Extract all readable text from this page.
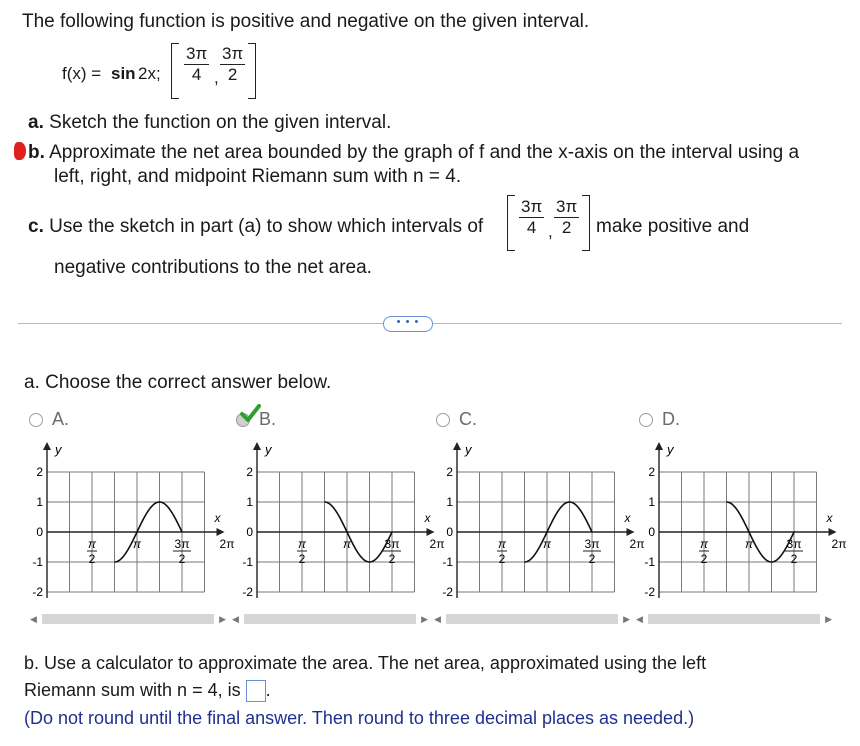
The following function is positive and negative on the given interval.
f(x) = sin 2x; $\frac{3\pi}{4}$ , $\frac{3\pi}{2}$
a. Sketch the function on the given interval.
b. Approximate the net area bounded by the graph of f and the x-axis on the interval using a
left, right, and midpoint Riemann sum with n = 4.
c. Use the sketch in part (a) to show which intervals of $\frac{3\pi}{4}$ , $\frac{3\pi}{2}$ make positive and
negative contributions to the net area.
• • •
a. Choose the correct answer below.
A.	B.	C.	D.
y
x
2
1
0
-1
-2
π
2
π	3π
2
2π
y
x
2
1
0
-1
-2
π
2
π	3π
2
2π
y
x
2
1
0
-1
-2
π
2
π	3π
2
2π
y
x
2
1
0
-1
-2
π
2
π	3π
2
2π
◀	▶ ◀	▶ ◀	▶ ◀	▶
b. Use a calculator to approximate the area. The net area, approximated using the left
Riemann sum with n = 4, is .
(Do not round until the final answer. Then round to three decimal places as needed.)
